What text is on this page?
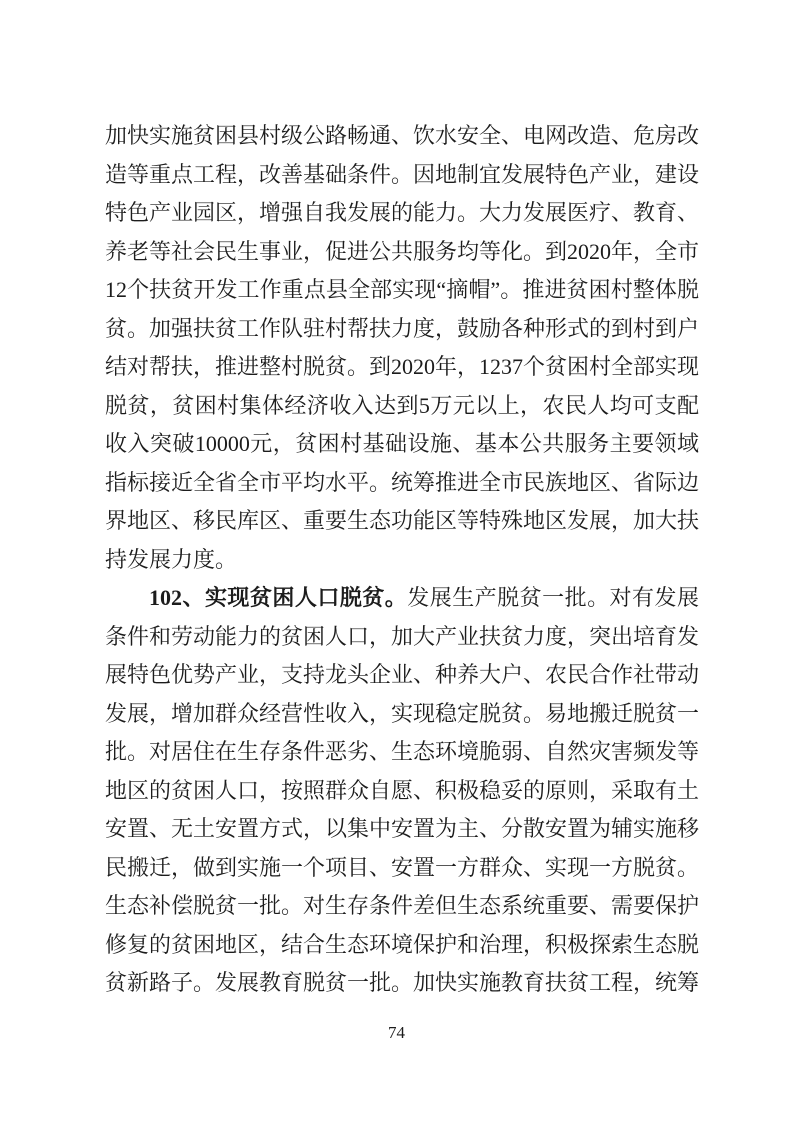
加快实施贫困县村级公路畅通、饮水安全、电网改造、危房改造等重点工程，改善基础条件。因地制宜发展特色产业，建设特色产业园区，增强自我发展的能力。大力发展医疗、教育、养老等社会民生事业，促进公共服务均等化。到2020年，全市12个扶贫开发工作重点县全部实现“摘帽”。推进贫困村整体脱贫。加强扶贫工作队驻村帮扶力度，鼓励各种形式的到村到户结对帮扶，推进整村脱贫。到2020年，1237个贫困村全部实现脱贫，贫困村集体经济收入达到5万元以上，农民人均可支配收入突破10000元，贫困村基础设施、基本公共服务主要领域指标接近全省全市平均水平。统筹推进全市民族地区、省际边界地区、移民库区、重要生态功能区等特殊地区发展，加大扶持发展力度。

102、实现贫困人口脱贫。发展生产脱贫一批。对有发展条件和劳动能力的贫困人口，加大产业扶贫力度，突出培育发展特色优势产业，支持龙头企业、种养大户、农民合作社带动发展，增加群众经营性收入，实现稳定脱贫。易地搬迁脱贫一批。对居住在生存条件恶劣、生态环境脆弱、自然灾害频发等地区的贫困人口，按照群众自愿、积极稳妥的原则，采取有土安置、无土安置方式，以集中安置为主、分散安置为辅实施移民搬迁，做到实施一个项目、安置一方群众、实现一方脱贫。生态补偿脱贫一批。对生存条件差但生态系统重要、需要保护修复的贫困地区，结合生态环境保护和治理，积极探索生态脱贫新路子。发展教育脱贫一批。加快实施教育扶贫工程，统筹

74
